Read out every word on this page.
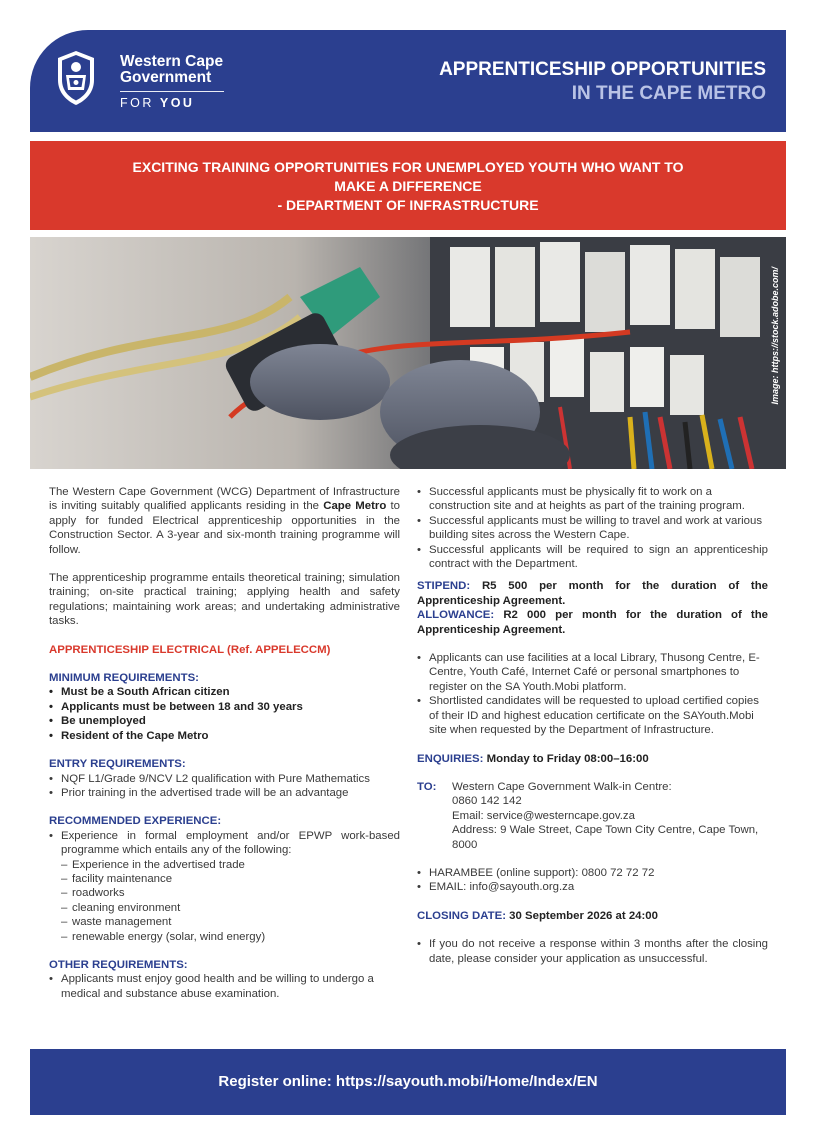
Western Cape
Government
FOR YOU
APPRENTICESHIP OPPORTUNITIES
IN THE CAPE METRO
EXCITING TRAINING OPPORTUNITIES FOR UNEMPLOYED YOUTH WHO WANT TO
MAKE A DIFFERENCE
- DEPARTMENT OF INFRASTRUCTURE
Image: https://stock.adobe.com/

The Western Cape Government (WCG) Department of Infrastructure is inviting suitably qualified applicants residing in the Cape Metro to apply for funded Electrical apprenticeship opportunities in the Construction Sector. A 3-year and six-month training programme will follow.

The apprenticeship programme entails theoretical training; simulation training; on-site practical training; applying health and safety regulations; maintaining work areas; and undertaking administrative tasks.

APPRENTICESHIP ELECTRICAL (Ref. APPELECCM)
MINIMUM REQUIREMENTS:
• Must be a South African citizen
• Applicants must be between 18 and 30 years
• Be unemployed
• Resident of the Cape Metro
ENTRY REQUIREMENTS:
• NQF L1/Grade 9/NCV L2 qualification with Pure Mathematics
• Prior training in the advertised trade will be an advantage
RECOMMENDED EXPERIENCE:
• Experience in formal employment and/or EPWP work-based programme which entails any of the following:
– Experience in the advertised trade
– facility maintenance
– roadworks
– cleaning environment
– waste management
– renewable energy (solar, wind energy)
OTHER REQUIREMENTS:
• Applicants must enjoy good health and be willing to undergo a medical and substance abuse examination.
• Successful applicants must be physically fit to work on a construction site and at heights as part of the training program.
• Successful applicants must be willing to travel and work at various building sites across the Western Cape.
• Successful applicants will be required to sign an apprenticeship contract with the Department.

STIPEND: R5 500 per month for the duration of the Apprenticeship Agreement.

ALLOWANCE: R2 000 per month for the duration of the Apprenticeship Agreement.

• Applicants can use facilities at a local Library, Thusong Centre, E-Centre, Youth Café, Internet Café or personal smartphones to register on the SA Youth.Mobi platform.
• Shortlisted candidates will be requested to upload certified copies of their ID and highest education certificate on the SAYouth.Mobi site when requested by the Department of Infrastructure.

ENQUIRIES: Monday to Friday 08:00–16:00

TO:	Western Cape Government Walk-in Centre:
0860 142 142
Email: service@westerncape.gov.za
Address: 9 Wale Street, Cape Town City Centre, Cape Town, 8000
• HARAMBEE (online support): 0800 72 72 72
• EMAIL: info@sayouth.org.za

CLOSING DATE: 30 September 2026 at 24:00

• If you do not receive a response within 3 months after the closing date, please consider your application as unsuccessful.
Register online: https://sayouth.mobi/Home/Index/EN
